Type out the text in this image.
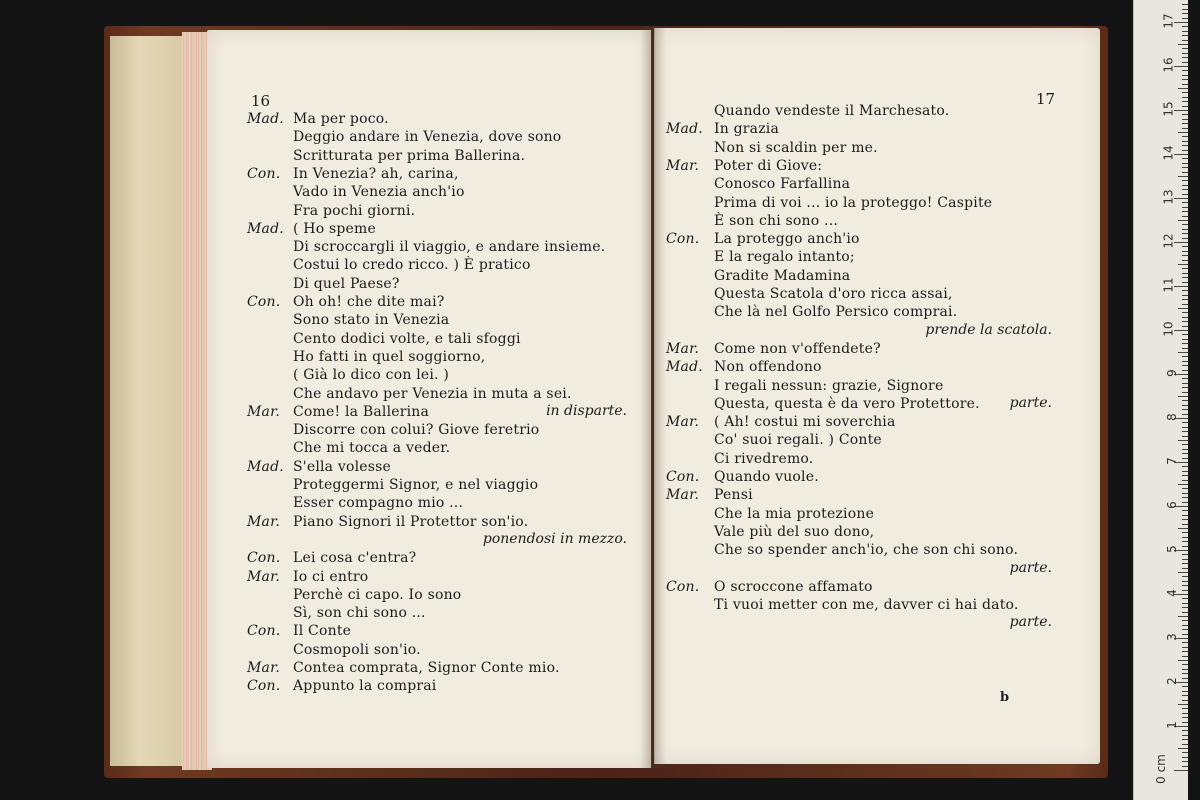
16
Mad. Ma per poco.
Deggio andare in Venezia, dove sono
Scritturata per prima Ballerina.
Con. In Venezia? ah, carina,
Vado in Venezia anch'io
Fra pochi giorni.
Mad. ( Ho speme
Di scroccargli il viaggio, e andare insieme.
Costui lo credo ricco. ) È pratico
Di quel Paese?
Con. Oh oh! che dite mai?
Sono stato in Venezia
Cento dodici volte, e tali sfoggi
Ho fatti in quel soggiorno,
( Già lo dico con lei. )
Che andavo per Venezia in muta a sei.
Mar. Come! la Ballerina
Discorre con colui? Giove feretrio
Che mi tocca a veder.
Mad. S'ella volesse
Proteggermi Signor, e nel viaggio
Esser compagno mio ...
Mar. Piano Signori il Protettor son'io.
Con. Lei cosa c'entra?
Mar. Io ci entro
Perchè ci capo. Io sono
Sì, son chi sono ...
Con. Il Conte
Cosmopoli son'io.
Mar. Contea comprata, Signor Conte mio.
Con. Appunto la comprai
in disparte.
ponendosi in mezzo.
17
Quando vendeste il Marchesato.
Mad. In grazia
Non si scaldin per me.
Mar. Poter di Giove:
Conosco Farfallina
Prima di voi ... io la proteggo! Caspite
È son chi sono ...
Con. La proteggo anch'io
E la regalo intanto;
Gradite Madamina
Questa Scatola d'oro ricca assai,
Che là nel Golfo Persico comprai.
Mar. Come non v'offendete?
Mad. Non offendono
I regali nessun: grazie, Signore
Questa, questa è da vero Protettore.
Mar. ( Ah! costui mi soverchia
Co' suoi regali. ) Conte
Ci rivedremo.
Con. Quando vuole.
Mar. Pensi
Che la mia protezione
Vale più del suo dono,
Che so spender anch'io, che son chi sono.
Con. O scroccone affamato
Ti vuoi metter con me, davver ci hai dato.
prende la scatola.
parte.
parte.
parte.
b
0 cm
1
2
3
4
5
6
7
8
9
10
11
12
13
14
15
16
17
